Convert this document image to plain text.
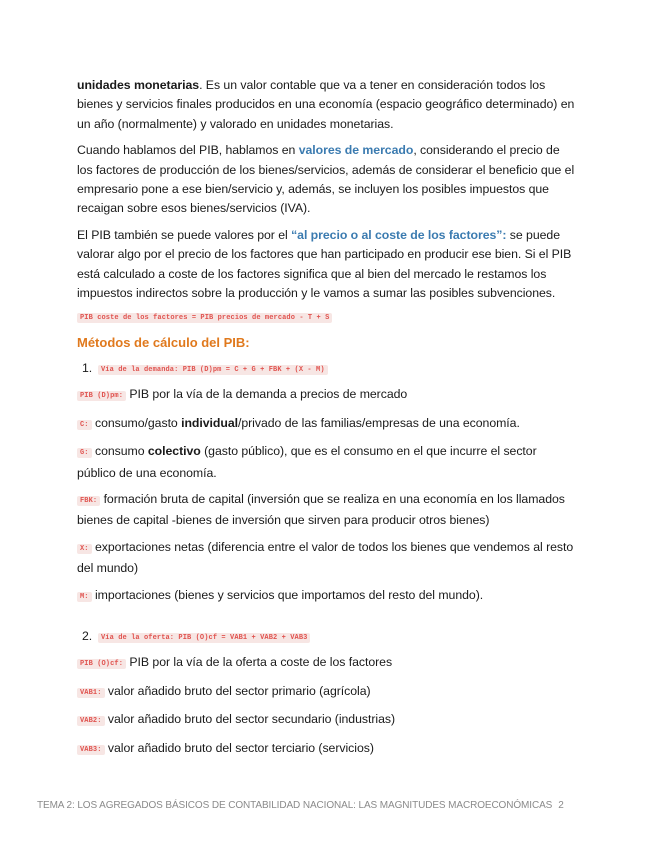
unidades monetarias. Es un valor contable que va a tener en consideración todos los bienes y servicios finales producidos en una economía (espacio geográfico determinado) en un año (normalmente) y valorado en unidades monetarias.

Cuando hablamos del PIB, hablamos en valores de mercado, considerando el precio de los factores de producción de los bienes/servicios, además de considerar el beneficio que el empresario pone a ese bien/servicio y, además, se incluyen los posibles impuestos que recaigan sobre esos bienes/servicios (IVA).

El PIB también se puede valores por el “al precio o al coste de los factores”: se puede valorar algo por el precio de los factores que han participado en producir ese bien. Si el PIB está calculado a coste de los factores significa que al bien del mercado le restamos los impuestos indirectos sobre la producción y le vamos a sumar las posibles subvenciones.

PIB coste de los factores = PIB precios de mercado - T + S

Métodos de cálculo del PIB:

1. Vía de la demanda: PIB (D)pm = C + G + FBK + (X - M)

PIB (D)pm: PIB por la vía de la demanda a precios de mercado

C: consumo/gasto individual/privado de las familias/empresas de una economía.

G: consumo colectivo (gasto público), que es el consumo en el que incurre el sector público de una economía.

FBK: formación bruta de capital (inversión que se realiza en una economía en los llamados bienes de capital -bienes de inversión que sirven para producir otros bienes)

X: exportaciones netas (diferencia entre el valor de todos los bienes que vendemos al resto del mundo)

M: importaciones (bienes y servicios que importamos del resto del mundo).

2. Vía de la oferta: PIB (O)cf = VAB1 + VAB2 + VAB3

PIB (O)cf: PIB por la vía de la oferta a coste de los factores

VAB1: valor añadido bruto del sector primario (agrícola)

VAB2: valor añadido bruto del sector secundario (industrias)

VAB3: valor añadido bruto del sector terciario (servicios)

TEMA 2: LOS AGREGADOS BÁSICOS DE CONTABILIDAD NACIONAL: LAS MAGNITUDES MACROECONÓMICAS 2
